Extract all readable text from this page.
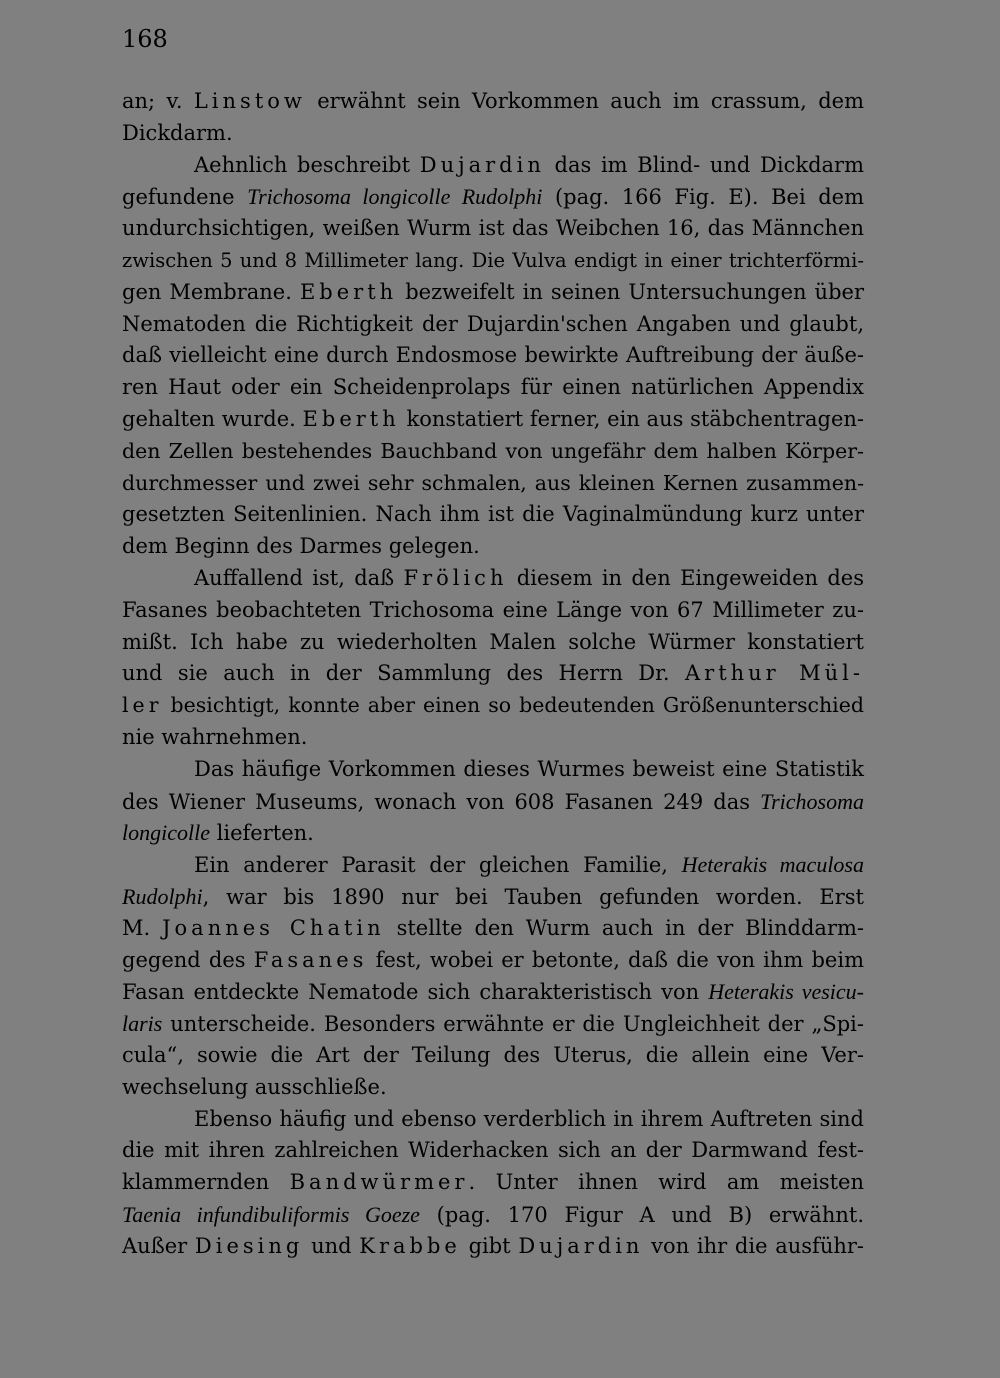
168
an; v. Linstow erwähnt sein Vorkommen auch im crassum, dem
Dickdarm.
Aehnlich beschreibt Dujardin das im Blind- und Dickdarm
gefundene Trichosoma longicolle Rudolphi (pag. 166 Fig. E). Bei dem
undurchsichtigen, weißen Wurm ist das Weibchen 16, das Männchen
zwischen 5 und 8 Millimeter lang. Die Vulva endigt in einer trichterförmi-
gen Membrane. Eberth bezweifelt in seinen Untersuchungen über
Nematoden die Richtigkeit der Dujardin'schen Angaben und glaubt,
daß vielleicht eine durch Endosmose bewirkte Auftreibung der äuße-
ren Haut oder ein Scheidenprolaps für einen natürlichen Appendix
gehalten wurde. Eberth konstatiert ferner, ein aus stäbchentragen-
den Zellen bestehendes Bauchband von ungefähr dem halben Körper-
durchmesser und zwei sehr schmalen, aus kleinen Kernen zusammen-
gesetzten Seitenlinien. Nach ihm ist die Vaginalmündung kurz unter
dem Beginn des Darmes gelegen.
Auffallend ist, daß Frölich diesem in den Eingeweiden des
Fasanes beobachteten Trichosoma eine Länge von 67 Millimeter zu-
mißt. Ich habe zu wiederholten Malen solche Würmer konstatiert
und sie auch in der Sammlung des Herrn Dr. Arthur Mül-
ler besichtigt, konnte aber einen so bedeutenden Größenunterschied
nie wahrnehmen.
Das häufige Vorkommen dieses Wurmes beweist eine Statistik
des Wiener Museums, wonach von 608 Fasanen 249 das Trichosoma
longicolle lieferten.
Ein anderer Parasit der gleichen Familie, Heterakis maculosa
Rudolphi, war bis 1890 nur bei Tauben gefunden worden. Erst
M. Joannes Chatin stellte den Wurm auch in der Blinddarm-
gegend des Fasanes fest, wobei er betonte, daß die von ihm beim
Fasan entdeckte Nematode sich charakteristisch von Heterakis vesicu-
laris unterscheide. Besonders erwähnte er die Ungleichheit der „Spi-
cula“, sowie die Art der Teilung des Uterus, die allein eine Ver-
wechselung ausschließe.
Ebenso häufig und ebenso verderblich in ihrem Auftreten sind
die mit ihren zahlreichen Widerhacken sich an der Darmwand fest-
klammernden Bandwürmer. Unter ihnen wird am meisten
Taenia infundibuliformis Goeze (pag. 170 Figur A und B) erwähnt.
Außer Diesing und Krabbe gibt Dujardin von ihr die ausführ-
